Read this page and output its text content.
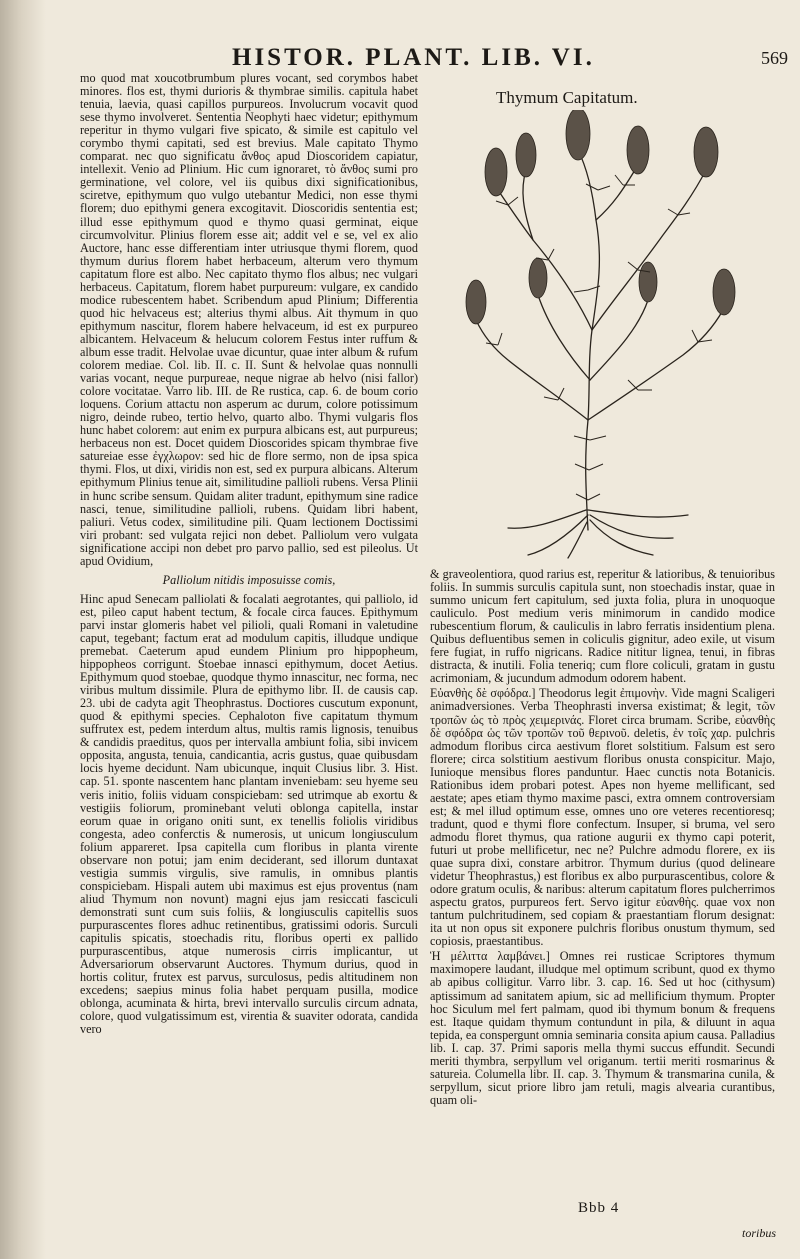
HISTOR. PLANT. LIB. VI.	569

mo quod mat xoucotbrumbum plures vocant, sed corymbos habet minores. flos est, thymi durioris & thymbrae similis. capitula habet tenuia, laevia, quasi capillos purpureos. Involucrum vocavit quod sese thymo involveret. Sententia Neophyti haec videtur; epithymum reperitur in thymo vulgari five spicato, & simile est capitulo vel corymbo thymi capitati, sed est brevius. Male capitato Thymo comparat. nec quo significatu ἄνθος apud Dioscoridem capiatur, intellexit. Venio ad Plinium. Hic cum ignoraret, τὸ ἄνθος sumi pro germinatione, vel colore, vel iis quibus dixi significationibus, sciretve, epithymum quo vulgo utebantur Medici, non esse thymi florem; duo epithymi genera excogitavit. Dioscoridis sententia est; illud esse epithymum quod e thymo quasi germinat, eique circumvolvitur. Plinius florem esse ait; addit vel e se, vel ex alio Auctore, hanc esse differentiam inter utriusque thymi florem, quod thymum durius florem habet herbaceum, alterum vero thymum capitatum flore est albo. Nec capitato thymo flos albus; nec vulgari herbaceus. Capitatum, florem habet purpureum: vulgare, ex candido modice rubescentem habet. Scribendum apud Plinium; Differentia quod hic helvaceus est; alterius thymi albus. Ait thymum in quo epithymum nascitur, florem habere helvaceum, id est ex purpureo albicantem. Helvaceum & helucum colorem Festus inter ruffum & album esse tradit. Helvolae uvae dicuntur, quae inter album & rufum colorem mediae. Col. lib. II. c. II. Sunt & helvolae quas nonnulli varias vocant, neque purpureae, neque nigrae ab helvo (nisi fallor) colore vocitatae. Varro lib. III. de Re rustica, cap. 6. de boum corio loquens. Corium attactu non asperum ac durum, colore potissimum nigro, deinde rubeo, tertio helvo, quarto albo. Thymi vulgaris flos hunc habet colorem: aut enim ex purpura albicans est, aut purpureus; herbaceus non est. Docet quidem Dioscorides spicam thymbrae five satureiae esse ἐγχλωρον: sed hic de flore sermo, non de ipsa spica thymi. Flos, ut dixi, viridis non est, sed ex purpura albicans. Alterum epithymum Plinius tenue ait, similitudine pallioli rubens. Versa Plinii in hunc scribe sensum. Quidam aliter tradunt, epithymum sine radice nasci, tenue, similitudine pallioli, rubens. Quidam libri habent, paliuri. Vetus codex, similitudine pili. Quam lectionem Doctissimi viri probant: sed vulgata rejici non debet. Palliolum vero vulgata significatione accipi non debet pro parvo pallio, sed est pileolus. Ut apud Ovidium,

Palliolum nitidis imposuisse comis,

Hinc apud Senecam palliolati & focalati aegrotantes, qui palliolo, id est, pileo caput habent tectum, & focale circa fauces. Epithymum parvi instar glomeris habet vel pilioli, quali Romani in valetudine caput, tegebant; factum erat ad modulum capitis, illudque undique premebat. Caeterum apud eundem Plinium pro hippopheum, hippopheos corrigunt. Stoebae innasci epithymum, docet Aetius. Epithymum quod stoebae, quodque thymo innascitur, nec forma, nec viribus multum dissimile. Plura de epithymo libr. II. de causis cap. 23. ubi de cadyta agit Theophrastus. Doctiores cuscutum exponunt, quod & epithymi species. Cephaloton five capitatum thymum suffrutex est, pedem interdum altus, multis ramis lignosis, tenuibus & candidis praeditus, quos per intervalla ambiunt folia, sibi invicem opposita, angusta, tenuia, candicantia, acris gustus, quae quibusdam locis hyeme decidunt. Nam ubicunque, inquit Clusius libr. 3. Hist. cap. 51. sponte nascentem hanc plantam inveniebam: seu hyeme seu veris initio, foliis viduam conspiciebam: sed utrimque ab exortu & vestigiis foliorum, prominebant veluti oblonga capitella, instar eorum quae in origano oniti sunt, ex tenellis foliolis viridibus congesta, adeo conferctis & numerosis, ut unicum longiusculum folium appareret. Ipsa capitella cum floribus in planta virente observare non potui; jam enim deciderant, sed illorum duntaxat vestigia summis virgulis, sive ramulis, in omnibus plantis conspiciebam. Hispali autem ubi maximus est ejus proventus (nam aliud Thymum non novunt) magni ejus jam resiccati fasciculi demonstrati sunt cum suis foliis, & longiusculis capitellis suos purpurascentes flores adhuc retinentibus, gratissimi odoris. Surculi capitulis spicatis, stoechadis ritu, floribus operti ex pallido purpurascentibus, atque numerosis cirris implicantur, ut Adversariorum observarunt Auctores. Thymum durius, quod in hortis colitur, frutex est parvus, surculosus, pedis altitudinem non excedens; saepius minus folia habet perquam pusilla, modice oblonga, acuminata & hirta, brevi intervallo surculis circum adnata, colore, quod vulgatissimum est, virentia & suaviter odorata, candida vero

Thymum Capitatum.

& graveolentiora, quod rarius est, reperitur & latioribus, & tenuioribus foliis. In summis surculis capitula sunt, non stoechadis instar, quae in summo unicum fert capitulum, sed juxta folia, plura in unoquoque cauliculo. Post medium veris minimorum in candido modice rubescentium florum, & cauliculis in labro ferratis insidentium plena. Quibus defluentibus semen in coliculis gignitur, adeo exile, ut visum fere fugiat, in ruffo nigricans. Radice nititur lignea, tenui, in fibras distracta, & inutili. Folia teneriq; cum flore coliculi, gratam in gustu acrimoniam, & jucundum admodum odorem habent.

Εὐανθὴς δὲ σφόδρα.] Theodorus legit ἐπιμονὴν. Vide magni Scaligeri animadversiones. Verba Theophrasti inversa existimat; & legit, τῶν τροπῶν ὡς τὸ πρὸς χειμερινάς. Floret circa brumam. Scribe, εὐανθὴς δὲ σφόδρα ὡς τῶν τροπῶν τοῦ θερινοῦ. deletis, ἐν τοῖς χαρ. pulchris admodum floribus circa aestivum floret solstitium. Falsum est sero florere; circa solstitium aestivum floribus onusta conspicitur. Majo, Iunioque mensibus flores panduntur. Haec cunctis nota Botanicis. Rationibus idem probari potest. Apes non hyeme mellificant, sed aestate; apes etiam thymo maxime pasci, extra omnem controversiam est; & mel illud optimum esse, omnes uno ore veteres recentioresq; tradunt, quod e thymi flore confectum. Insuper, si bruma, vel sero admodu floret thymus, qua ratione augurii ex thymo capi poterit, futuri ut probe mellificetur, nec ne? Pulchre admodu florere, ex iis quae supra dixi, constare arbitror. Thymum durius (quod delineare videtur Theophrastus,) est floribus ex albo purpurascentibus, colore & odore gratum oculis, & naribus: alterum capitatum flores pulcherrimos aspectu gratos, purpureos fert. Servo igitur εὐανθὴς. quae vox non tantum pulchritudinem, sed copiam & praestantiam florum designat: ita ut non opus sit exponere pulchris floribus onustum thymum, sed copiosis, praestantibus.

Ἡ μέλιττα λαμβάνει.] Omnes rei rusticae Scriptores thymum maximopere laudant, illudque mel optimum scribunt, quod ex thymo ab apibus colligitur. Varro libr. 3. cap. 16. Sed ut hoc (cithysum) aptissimum ad sanitatem apium, sic ad mellificium thymum. Propter hoc Siculum mel fert palmam, quod ibi thymum bonum & frequens est. Itaque quidam thymum contundunt in pila, & diluunt in aqua tepida, ea conspergunt omnia seminaria consita apium causa. Palladius lib. I. cap. 37. Primi saporis mella thymi succus effundit. Secundi meriti thymbra, serpyllum vel origanum. tertii meriti rosmarinus & satureia. Columella libr. II. cap. 3. Thymum & transmarina cunila, & serpyllum, sicut priore libro jam retuli, magis alvearia curantibus, quam oli-

Bbb 4
toribus
